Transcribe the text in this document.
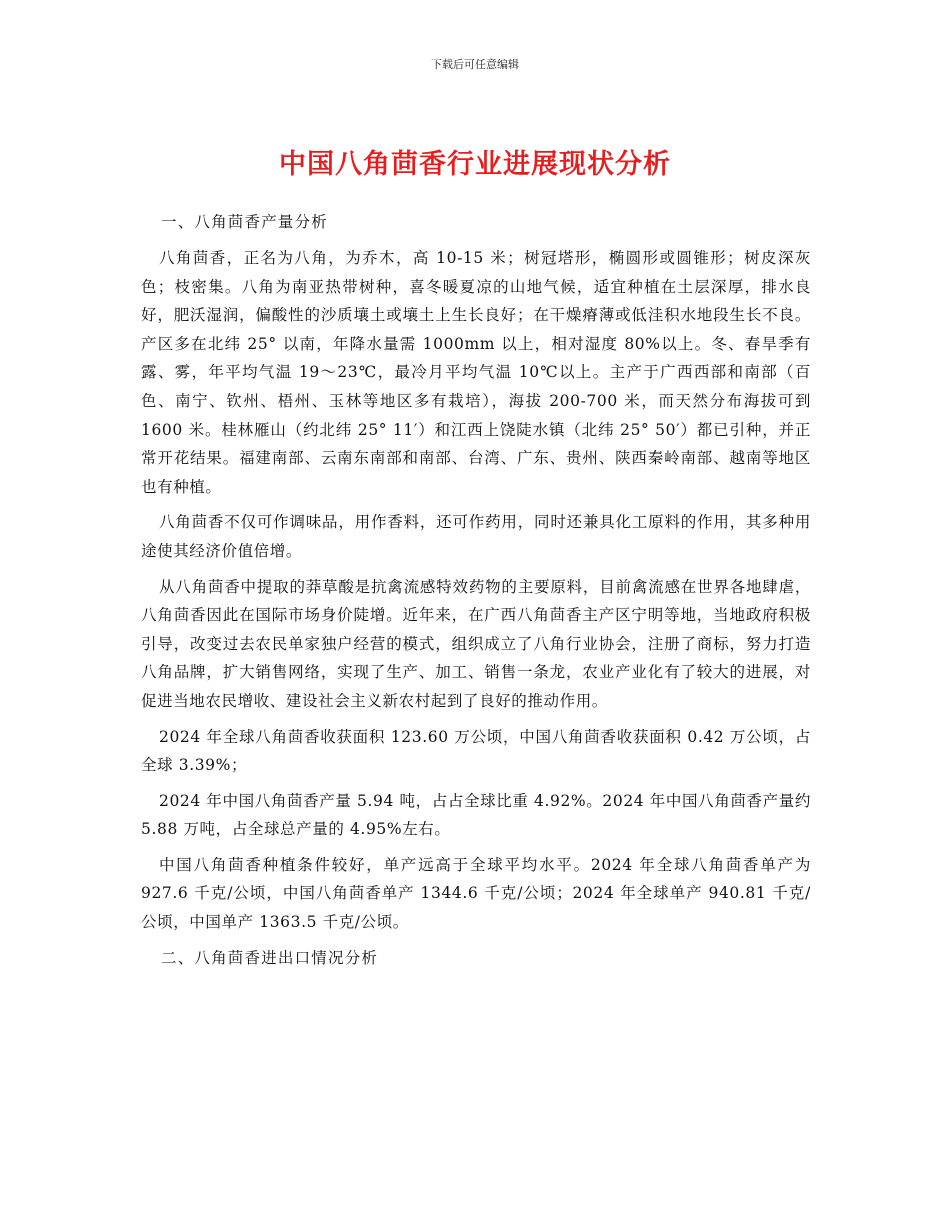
下载后可任意编辑
中国八角茴香行业进展现状分析

一、八角茴香产量分析

八角茴香，正名为八角，为乔木，高 10-15 米；树冠塔形，椭圆形或圆锥形；树皮深灰色；枝密集。八角为南亚热带树种，喜冬暖夏凉的山地气候，适宜种植在土层深厚，排水良好，肥沃湿润，偏酸性的沙质壤土或壤土上生长良好；在干燥瘠薄或低洼积水地段生长不良。产区多在北纬 25° 以南，年降水量需 1000mm 以上，相对湿度 80%以上。冬、春旱季有露、雾，年平均气温 19～23℃，最冷月平均气温 10℃以上。主产于广西西部和南部（百色、南宁、钦州、梧州、玉林等地区多有栽培），海拔 200-700 米，而天然分布海拔可到 1600 米。桂林雁山（约北纬 25° 11′）和江西上饶陡水镇（北纬 25° 50′）都已引种，并正常开花结果。福建南部、云南东南部和南部、台湾、广东、贵州、陕西秦岭南部、越南等地区也有种植。

八角茴香不仅可作调味品，用作香料，还可作药用，同时还兼具化工原料的作用，其多种用途使其经济价值倍增。

从八角茴香中提取的莽草酸是抗禽流感特效药物的主要原料，目前禽流感在世界各地肆虐，八角茴香因此在国际市场身价陡增。近年来，在广西八角茴香主产区宁明等地，当地政府积极引导，改变过去农民单家独户经营的模式，组织成立了八角行业协会，注册了商标，努力打造八角品牌，扩大销售网络，实现了生产、加工、销售一条龙，农业产业化有了较大的进展，对促进当地农民增收、建设社会主义新农村起到了良好的推动作用。

2024 年全球八角茴香收获面积 123.60 万公顷，中国八角茴香收获面积 0.42 万公顷，占全球 3.39%；

2024 年中国八角茴香产量 5.94 吨，占占全球比重 4.92%。2024 年中国八角茴香产量约 5.88 万吨，占全球总产量的 4.95%左右。

中国八角茴香种植条件较好，单产远高于全球平均水平。2024 年全球八角茴香单产为 927.6 千克/公顷，中国八角茴香单产 1344.6 千克/公顷；2024 年全球单产 940.81 千克/公顷，中国单产 1363.5 千克/公顷。

二、八角茴香进出口情况分析
